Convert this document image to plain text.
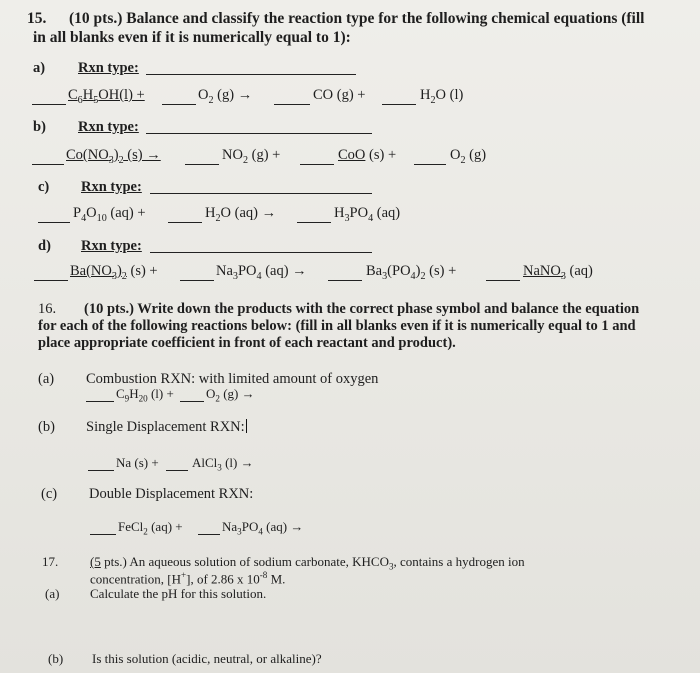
15. (10 pts.) Balance and classify the reaction type for the following chemical equations (fill
in all blanks even if it is numerically equal to 1):
a) Rxn type:
$C_6H_5OH(l)$ +	$O_2$ (g) →	CO (g) +	$H_2O$ (l)
b) Rxn type:
$Co(NO_3)_2$ (s) →	$NO_2$ (g) +	CoO (s) +	$O_2$ (g)
c) Rxn type:
$P_4O_{10}$ (aq) +	$H_2O$ (aq) →	$H_3PO_4$ (aq)
d) Rxn type:
$Ba(NO_3)_2$ (s) +	$Na_3PO_4$ (aq) →	$Ba_3(PO_4)_2$ (s) +	NaNO$_3$ (aq)
16. (10 pts.) Write down the products with the correct phase symbol and balance the equation
for each of the following reactions below: (fill in all blanks even if it is numerically equal to 1 and
place appropriate coefficient in front of each reactant and product).
(a) Combustion RXN: with limited amount of oxygen
$C_9H_{20}$ $(l) + O_2$ (g) →
(b) Single Displacement RXN:
Na (s) +	AlCl$_3$ (l) →
(c) Double Displacement RXN:
FeCl$_2$ (aq) +	$Na_3PO_4$ (aq) →
17. (5 pts.) An aqueous solution of sodium carbonate, $KHCO_3$, contains a hydrogen ion
concentration, [H+], of 2.86 x $10^{-8}$ M.
(a) Calculate the pH for this solution.
(b) Is this solution (acidic, neutral, or alkaline)?
